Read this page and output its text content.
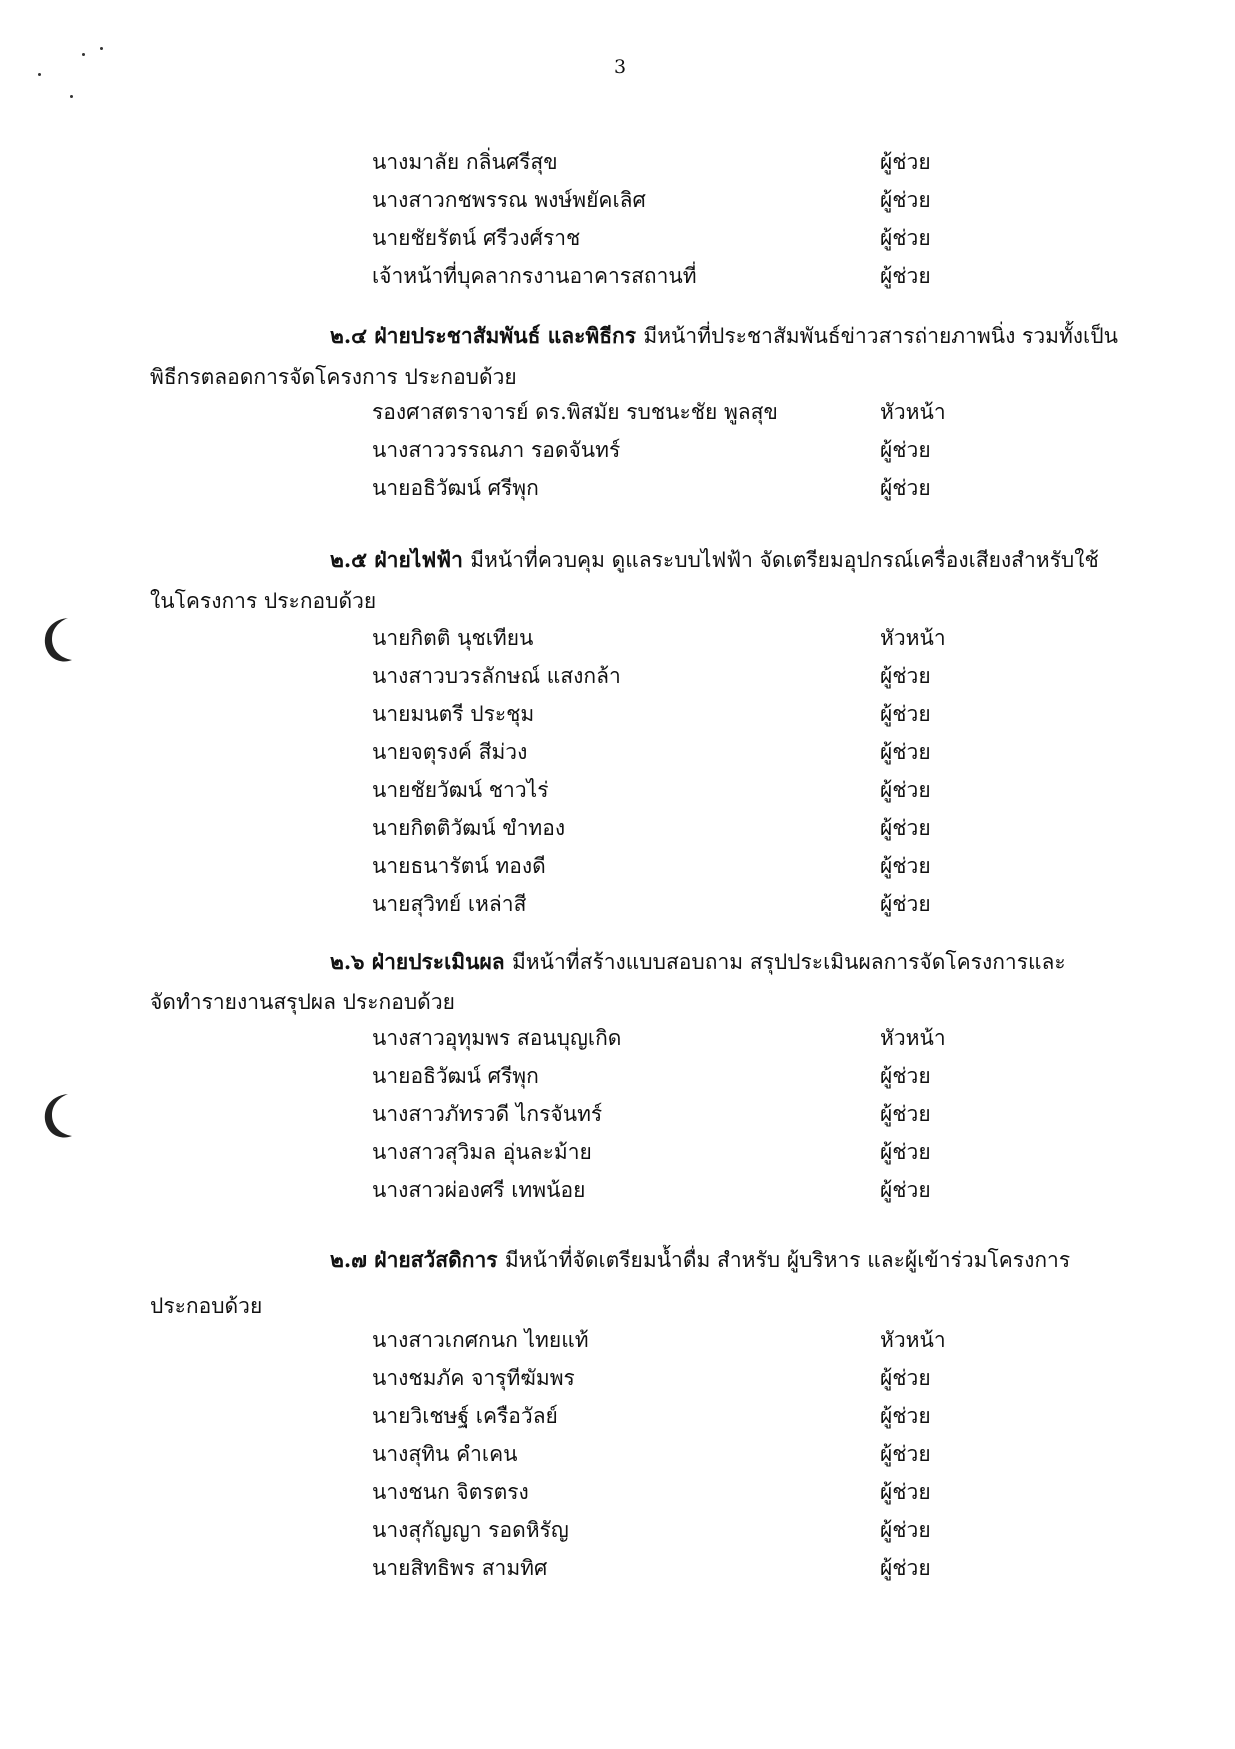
3
นางมาลัย กลิ่นศรีสุข	ผู้ช่วย
นางสาวกชพรรณ พงษ์พยัคเลิศ	ผู้ช่วย
นายชัยรัตน์ ศรีวงศ์ราช	ผู้ช่วย
เจ้าหน้าที่บุคลากรงานอาคารสถานที่	ผู้ช่วย
๒.๔ ฝ่ายประชาสัมพันธ์ และพิธีกร มีหน้าที่ประชาสัมพันธ์ข่าวสารถ่ายภาพนิ่ง รวมทั้งเป็น
พิธีกรตลอดการจัดโครงการ ประกอบด้วย
รองศาสตราจารย์ ดร.พิสมัย รบชนะชัย พูลสุข	หัวหน้า
นางสาววรรณภา รอดจันทร์	ผู้ช่วย
นายอธิวัฒน์ ศรีพุก	ผู้ช่วย
๒.๕ ฝ่ายไฟฟ้า มีหน้าที่ควบคุม ดูแลระบบไฟฟ้า จัดเตรียมอุปกรณ์เครื่องเสียงสำหรับใช้
ในโครงการ ประกอบด้วย
นายกิตติ นุชเทียน	หัวหน้า
นางสาวบวรลักษณ์ แสงกล้า	ผู้ช่วย
นายมนตรี ประชุม	ผู้ช่วย
นายจตุรงค์ สีม่วง	ผู้ช่วย
นายชัยวัฒน์ ชาวไร่	ผู้ช่วย
นายกิตติวัฒน์ ขำทอง	ผู้ช่วย
นายธนารัตน์ ทองดี	ผู้ช่วย
นายสุวิทย์ เหล่าสี	ผู้ช่วย
๒.๖ ฝ่ายประเมินผล มีหน้าที่สร้างแบบสอบถาม สรุปประเมินผลการจัดโครงการและ
จัดทำรายงานสรุปผล ประกอบด้วย
นางสาวอุทุมพร สอนบุญเกิด	หัวหน้า
นายอธิวัฒน์ ศรีพุก	ผู้ช่วย
นางสาวภัทรวดี ไกรจันทร์	ผู้ช่วย
นางสาวสุวิมล อุ่นละม้าย	ผู้ช่วย
นางสาวผ่องศรี เทพน้อย	ผู้ช่วย
๒.๗ ฝ่ายสวัสดิการ มีหน้าที่จัดเตรียมน้ำดื่ม สำหรับ ผู้บริหาร และผู้เข้าร่วมโครงการ
ประกอบด้วย
นางสาวเกศกนก ไทยแท้	หัวหน้า
นางชมภัค จารุทีฆัมพร	ผู้ช่วย
นายวิเชษฐ์ เครือวัลย์	ผู้ช่วย
นางสุทิน คำเคน	ผู้ช่วย
นางชนก จิตรตรง	ผู้ช่วย
นางสุกัญญา รอดหิรัญ	ผู้ช่วย
นายสิทธิพร สามทิศ	ผู้ช่วย
